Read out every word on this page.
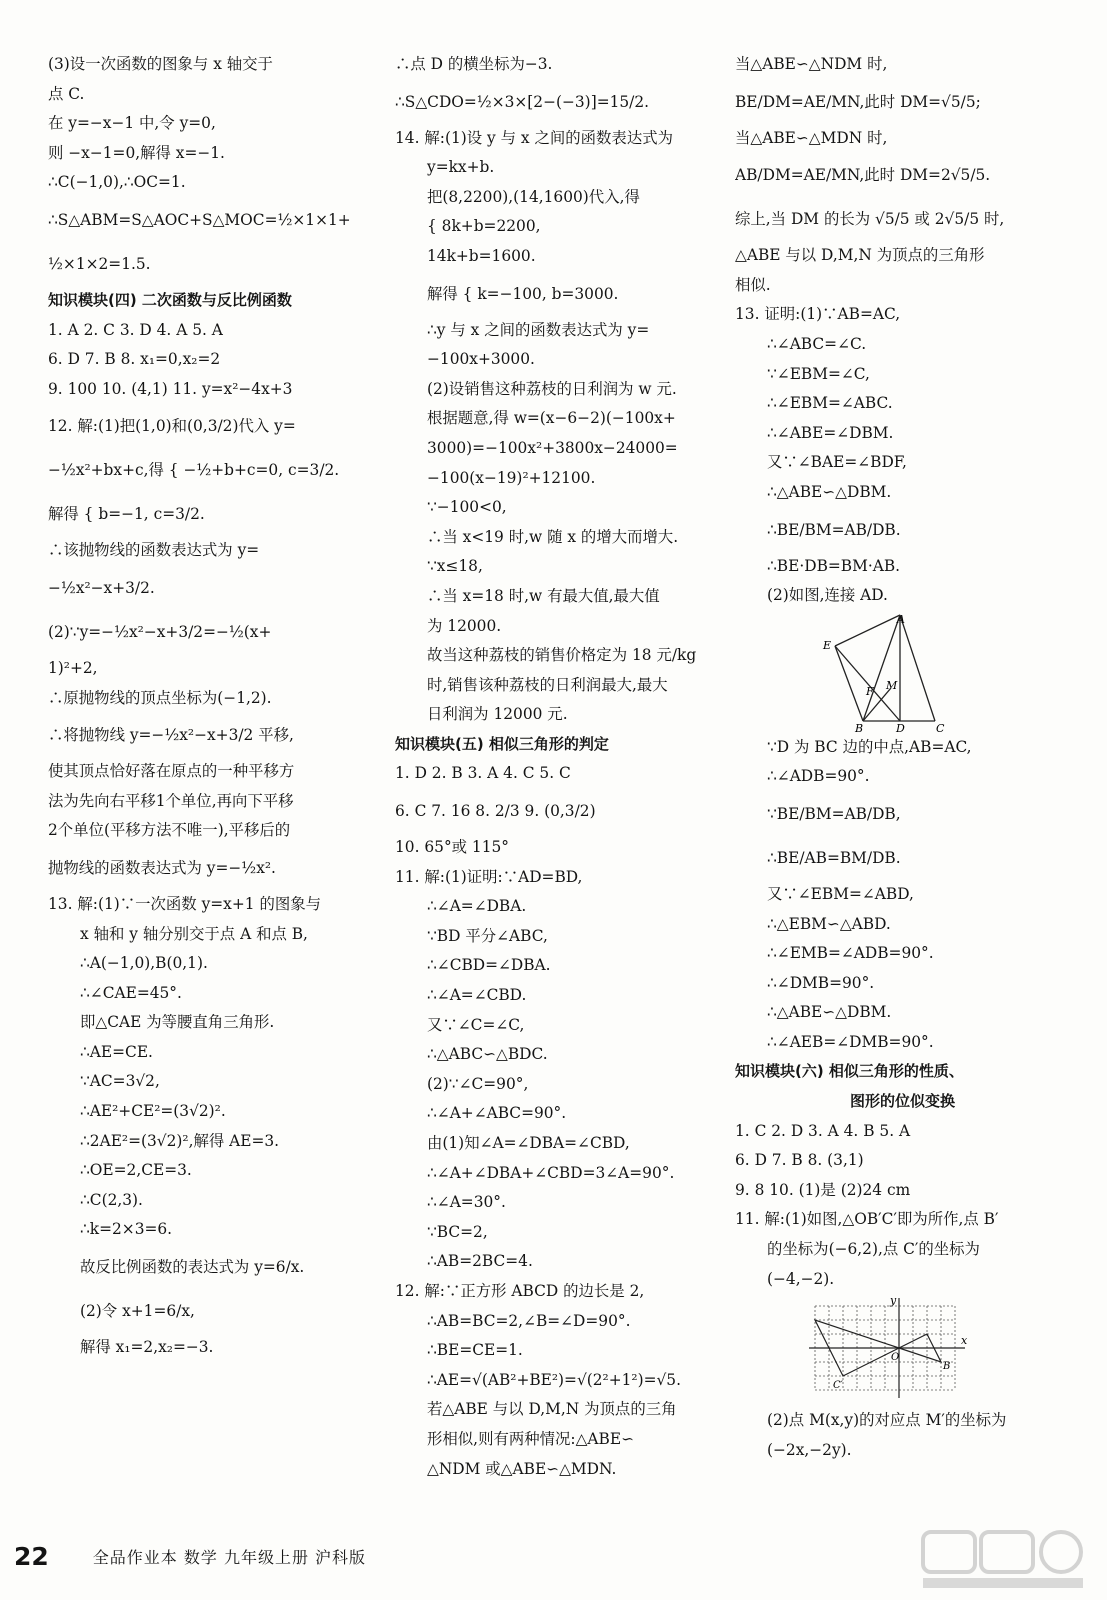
(3)设一次函数的图象与 x 轴交于
点 C.
在 y=−x−1 中,令 y=0,
则 −x−1=0,解得 x=−1.
∴C(−1,0),∴OC=1.
∴S△ABM=S△AOC+S△MOC=½×1×1+
½×1×2=1.5.
知识模块(四) 二次函数与反比例函数
1. A 2. C 3. D 4. A 5. A
6. D 7. B 8. x₁=0,x₂=2
9. 100 10. (4,1) 11. y=x²−4x+3
12. 解:(1)把(1,0)和(0,3/2)代入 y=
−½x²+bx+c,得 { −½+b+c=0, c=3/2.
解得 { b=−1, c=3/2.
∴该抛物线的函数表达式为 y=
−½x²−x+3/2.
(2)∵y=−½x²−x+3/2=−½(x+
1)²+2,
∴原抛物线的顶点坐标为(−1,2).
∴将抛物线 y=−½x²−x+3/2 平移,
使其顶点恰好落在原点的一种平移方
法为先向右平移1个单位,再向下平移
2个单位(平移方法不唯一),平移后的
抛物线的函数表达式为 y=−½x².
13. 解:(1)∵一次函数 y=x+1 的图象与
x 轴和 y 轴分别交于点 A 和点 B,
∴A(−1,0),B(0,1).
∴∠CAE=45°.
即△CAE 为等腰直角三角形.
∴AE=CE.
∵AC=3√2,
∴AE²+CE²=(3√2)².
∴2AE²=(3√2)²,解得 AE=3.
∴OE=2,CE=3.
∴C(2,3).
∴k=2×3=6.
故反比例函数的表达式为 y=6/x.
(2)令 x+1=6/x,
解得 x₁=2,x₂=−3.
∴点 D 的横坐标为−3.
∴S△CDO=½×3×[2−(−3)]=15/2.
14. 解:(1)设 y 与 x 之间的函数表达式为
y=kx+b.
把(8,2200),(14,1600)代入,得
{ 8k+b=2200,
14k+b=1600.
解得 { k=−100, b=3000.
∴y 与 x 之间的函数表达式为 y=
−100x+3000.
(2)设销售这种荔枝的日利润为 w 元.
根据题意,得 w=(x−6−2)(−100x+
3000)=−100x²+3800x−24000=
−100(x−19)²+12100.
∵−100<0,
∴当 x<19 时,w 随 x 的增大而增大.
∵x≤18,
∴当 x=18 时,w 有最大值,最大值
为 12000.
故当这种荔枝的销售价格定为 18 元/kg
时,销售该种荔枝的日利润最大,最大
日利润为 12000 元.
知识模块(五) 相似三角形的判定
1. D 2. B 3. A 4. C 5. C
6. C 7. 16 8. 2/3 9. (0,3/2)
10. 65°或 115°
11. 解:(1)证明:∵AD=BD,
∴∠A=∠DBA.
∵BD 平分∠ABC,
∴∠CBD=∠DBA.
∴∠A=∠CBD.
又∵∠C=∠C,
∴△ABC∽△BDC.
(2)∵∠C=90°,
∴∠A+∠ABC=90°.
由(1)知∠A=∠DBA=∠CBD,
∴∠A+∠DBA+∠CBD=3∠A=90°.
∴∠A=30°.
∵BC=2,
∴AB=2BC=4.
12. 解:∵正方形 ABCD 的边长是 2,
∴AB=BC=2,∠B=∠D=90°.
∴BE=CE=1.
∴AE=√(AB²+BE²)=√(2²+1²)=√5.
若△ABE 与以 D,M,N 为顶点的三角
形相似,则有两种情况:△ABE∽
△NDM 或△ABE∽△MDN.
当△ABE∽△NDM 时,
BE/DM=AE/MN,此时 DM=√5/5;
当△ABE∽△MDN 时,
AB/DM=AE/MN,此时 DM=2√5/5.
综上,当 DM 的长为 √5/5 或 2√5/5 时,
△ABE 与以 D,M,N 为顶点的三角形
相似.
13. 证明:(1)∵AB=AC,
∴∠ABC=∠C.
∵∠EBM=∠C,
∴∠EBM=∠ABC.
∴∠ABE=∠DBM.
又∵∠BAE=∠BDF,
∴△ABE∽△DBM.
∴BE/BM=AB/DB.
∴BE·DB=BM·AB.
(2)如图,连接 AD.
A
E
F M
B	D	C
∵D 为 BC 边的中点,AB=AC,
∴∠ADB=90°.
∵BE/BM=AB/DB,
∴BE/AB=BM/DB.
又∵∠EBM=∠ABD,
∴△EBM∽△ABD.
∴∠EMB=∠ADB=90°.
∴∠DMB=90°.
∴△ABE∽△DBM.
∴∠AEB=∠DMB=90°.
知识模块(六) 相似三角形的性质、
图形的位似变换
1. C 2. D 3. A 4. B 5. A
6. D 7. B 8. (3,1)
9. 8 10. (1)是 (2)24 cm
11. 解:(1)如图,△OB′C′即为所作,点 B′
的坐标为(−6,2),点 C′的坐标为
(−4,−2).
y
x
O
B
C′
(2)点 M(x,y)的对应点 M′的坐标为
(−2x,−2y).
22	全品作业本 数学 九年级上册 沪科版
